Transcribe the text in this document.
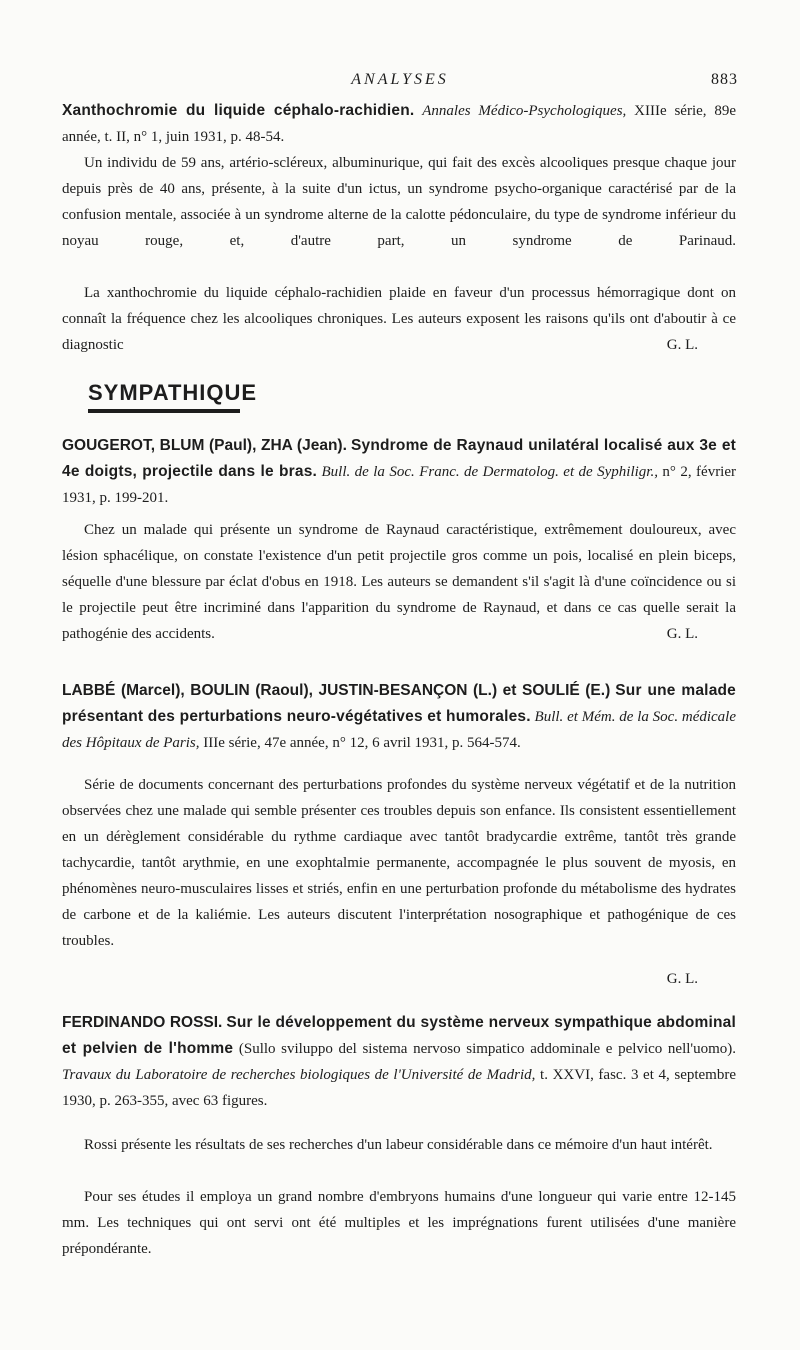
ANALYSES	883
Xanthochromie du liquide céphalo-rachidien. Annales Médico-Psychologiques, XIIIe série, 89e année, t. II, n° 1, juin 1931, p. 48-54.
Un individu de 59 ans, artério-scléreux, albuminurique, qui fait des excès alcooliques presque chaque jour depuis près de 40 ans, présente, à la suite d'un ictus, un syndrome psycho-organique caractérisé par de la confusion mentale, associée à un syndrome alterne de la calotte pédonculaire, du type de syndrome inférieur du noyau rouge, et, d'autre part, un syndrome de Parinaud.
La xanthochromie du liquide céphalo-rachidien plaide en faveur d'un processus hémorragique dont on connaît la fréquence chez les alcooliques chroniques. Les auteurs exposent les raisons qu'ils ont d'aboutir à ce diagnostic	G. L.
SYMPATHIQUE
GOUGEROT, BLUM (Paul), ZHA (Jean). Syndrome de Raynaud unilatéral localisé aux 3e et 4e doigts, projectile dans le bras. Bull. de la Soc. Franc. de Dermatolog. et de Syphiligr., n° 2, février 1931, p. 199-201.
Chez un malade qui présente un syndrome de Raynaud caractéristique, extrêmement douloureux, avec lésion sphacélique, on constate l'existence d'un petit projectile gros comme un pois, localisé en plein biceps, séquelle d'une blessure par éclat d'obus en 1918. Les auteurs se demandent s'il s'agit là d'une coïncidence ou si le projectile peut être incriminé dans l'apparition du syndrome de Raynaud, et dans ce cas quelle serait la pathogénie des accidents.	G. L.
LABBÉ (Marcel), BOULIN (Raoul), JUSTIN-BESANÇON (L.) et SOULIÉ (E.) Sur une malade présentant des perturbations neuro-végétatives et humorales. Bull. et Mém. de la Soc. médicale des Hôpitaux de Paris, IIIe série, 47e année, n° 12, 6 avril 1931, p. 564-574.
Série de documents concernant des perturbations profondes du système nerveux végétatif et de la nutrition observées chez une malade qui semble présenter ces troubles depuis son enfance. Ils consistent essentiellement en un dérèglement considérable du rythme cardiaque avec tantôt bradycardie extrême, tantôt très grande tachycardie, tantôt arythmie, en une exophtalmie permanente, accompagnée le plus souvent de myosis, en phénomènes neuro-musculaires lisses et striés, enfin en une perturbation profonde du métabolisme des hydrates de carbone et de la kaliémie. Les auteurs discutent l'interprétation nosographique et pathogénique de ces troubles.
G. L.
FERDINANDO ROSSI. Sur le développement du système nerveux sympathique abdominal et pelvien de l'homme (Sullo sviluppo del sistema nervoso simpatico addominale e pelvico nell'uomo). Travaux du Laboratoire de recherches biologiques de l'Université de Madrid, t. XXVI, fasc. 3 et 4, septembre 1930, p. 263-355, avec 63 figures.
Rossi présente les résultats de ses recherches d'un labeur considérable dans ce mémoire d'un haut intérêt.
Pour ses études il employa un grand nombre d'embryons humains d'une longueur qui varie entre 12-145 mm. Les techniques qui ont servi ont été multiples et les imprégnations furent utilisées d'une manière prépondérante.
